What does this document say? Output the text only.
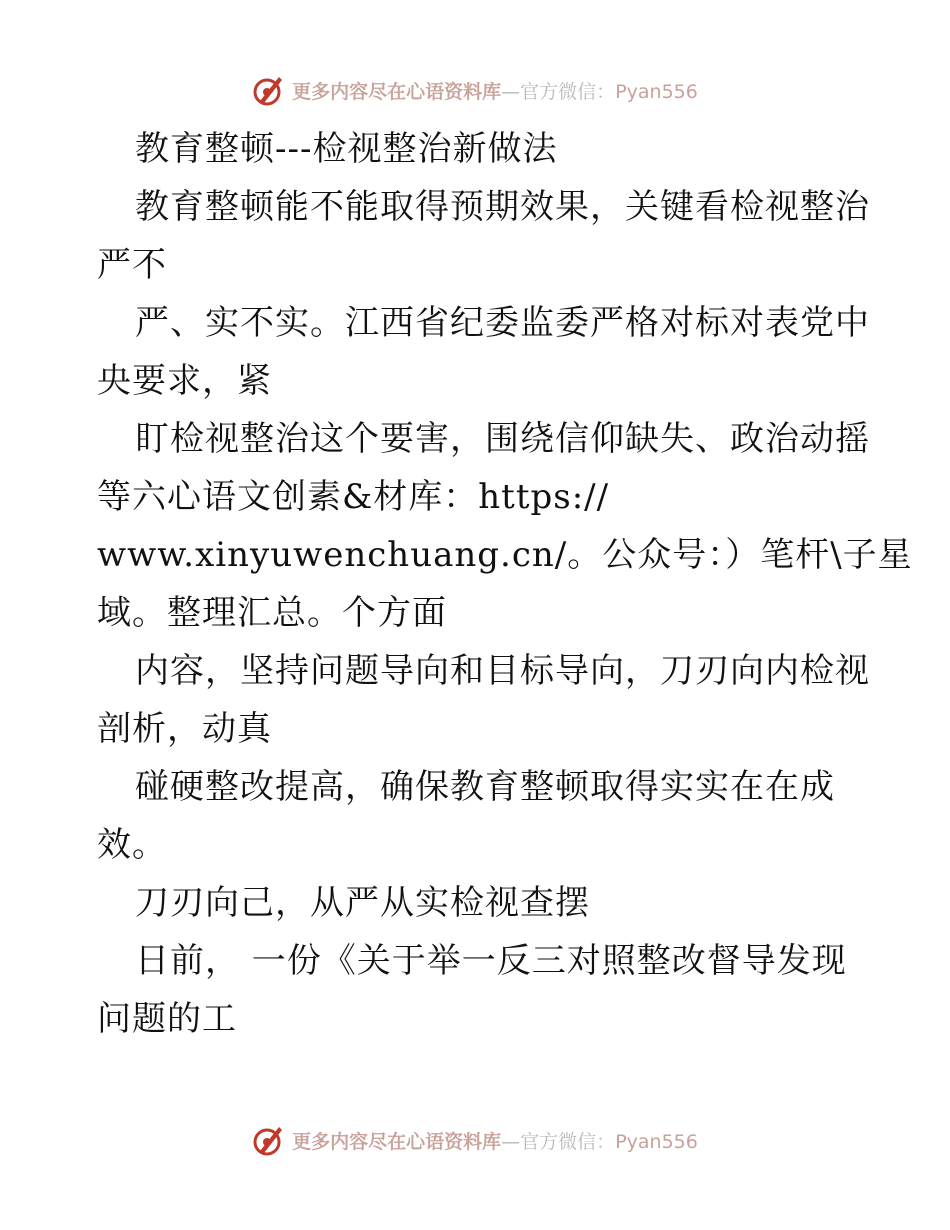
更多内容尽在心语资料库—官方微信：Pyan556
教育整顿---检视整治新做法
教育整顿能不能取得预期效果，关键看检视整治
严不
严、实不实。江西省纪委监委严格对标对表党中
央要求，紧
盯检视整治这个要害，围绕信仰缺失、政治动摇
等六心语文创素&材库：https://
www.xinyuwenchuang.cn/。公众号：）笔杆\子星
域。整理汇总。个方面
内容，坚持问题导向和目标导向，刀刃向内检视
剖析，动真
碰硬整改提高，确保教育整顿取得实实在在成
效。
刀刃向己，从严从实检视查摆
日前， 一份《关于举一反三对照整改督导发现
问题的工
更多内容尽在心语资料库—官方微信：Pyan556
